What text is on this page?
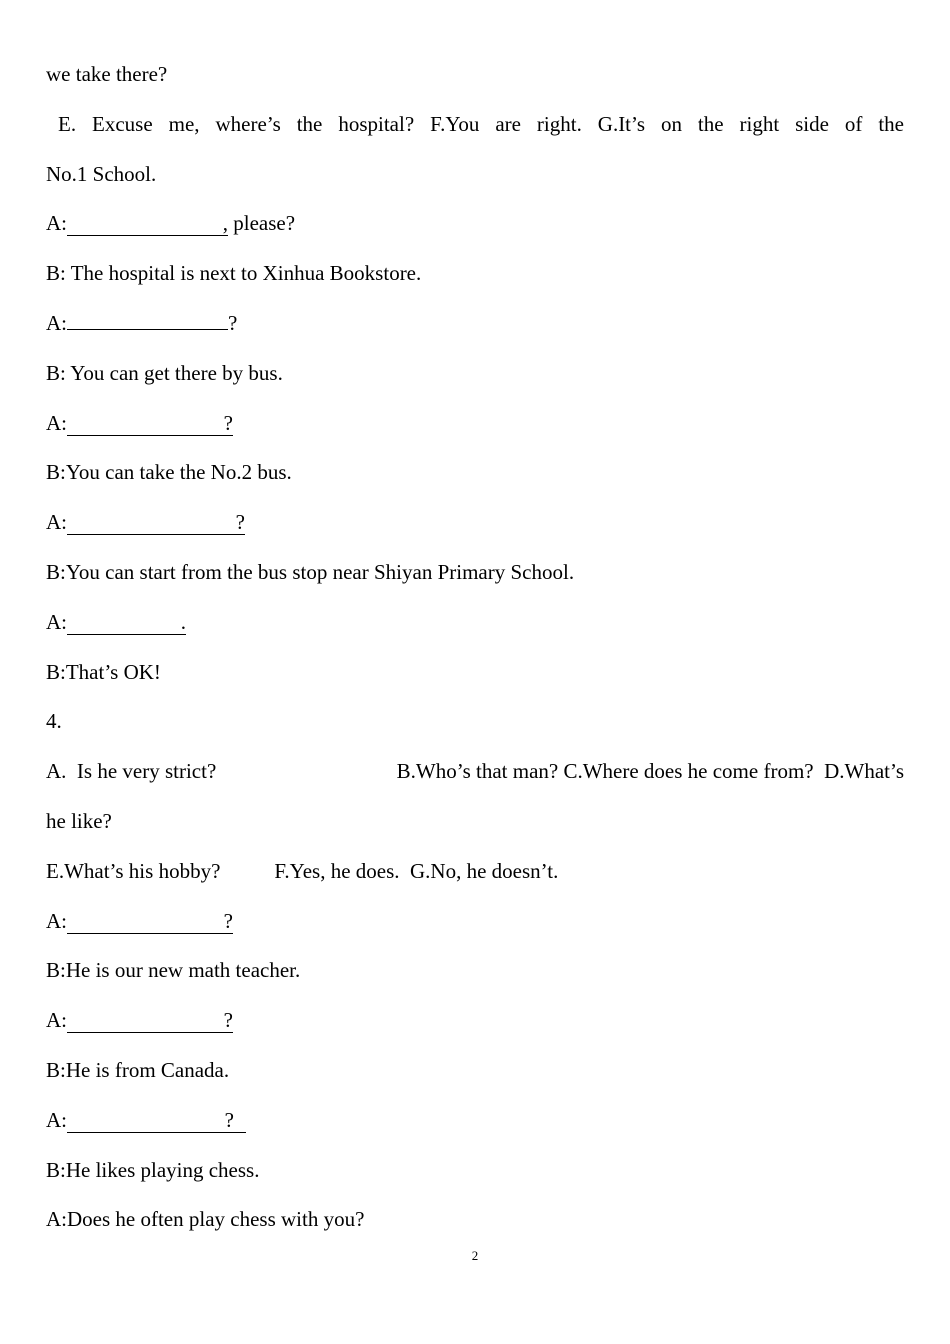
we take there?
E. Excuse me, where’s the hospital? F.You are right. G.It’s on the right side of the
No.1 School.
A:	, please?
B: The hospital is next to Xinhua Bookstore.
A:	?
B: You can get there by bus.
A:	?
B:You can take the No.2 bus.
A:	?
B:You can start from the bus stop near Shiyan Primary School.
A:	.
B:That’s OK!
4.
A.  Is he very strict?	B.Who’s that man? C.Where does he come from?  D.What’s
he like?
E.What’s his hobby?	F.Yes, he does.  G.No, he doesn’t.
A:	?
B:He is our new math teacher.
A:	?
B:He is from Canada.
A:	?
B:He likes playing chess.
A:Does he often play chess with you?
2
